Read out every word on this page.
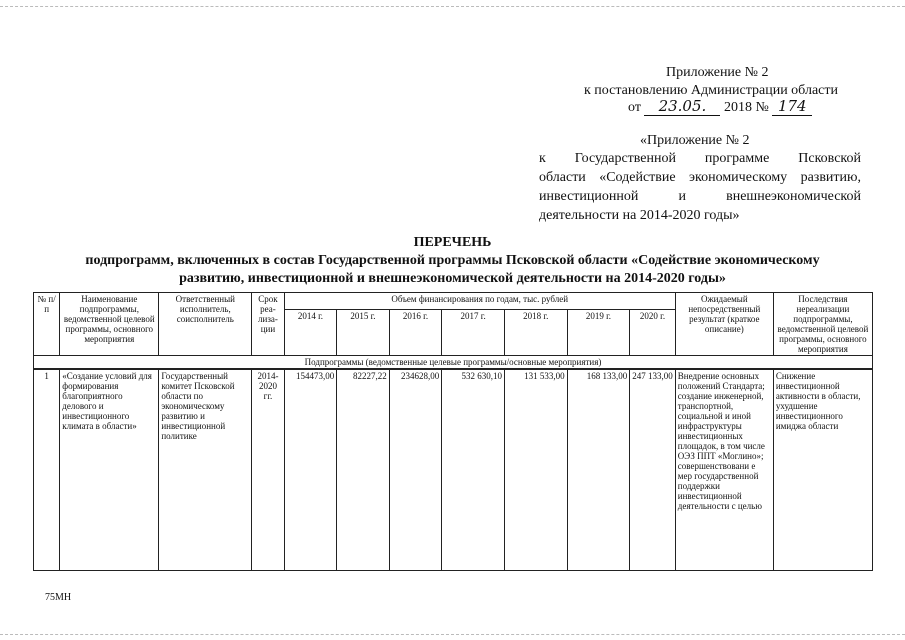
Приложение № 2
к постановлению Администрации области
от 23.05. 2018 № 174
«Приложение № 2
к Государственной программе Псковской
области «Содействие экономическому развитию,
инвестиционной и внешнеэкономической
деятельности на 2014-2020 годы»
ПЕРЕЧЕНЬ
подпрограмм, включенных в состав Государственной программы Псковской области «Содействие экономическому
развитию, инвестиционной и внешнеэкономической деятельности на 2014-2020 годы»
№ п/п	Наименование подпрограммы, ведомственной целевой программы, основного мероприятия	Ответственный исполнитель, соисполнитель	Срок реа-лиза-ции	Объем финансирования по годам, тыс. рублей							Ожидаемый непосредственный результат (краткое описание)	Последствия нереализации подпрограммы, ведомственной целевой программы, основного мероприятия
				2014 г.	2015 г.	2016 г.	2017 г.	2018 г.	2019 г.	2020 г.		
Подпрограммы (ведомственные целевые программы/основные мероприятия)												
1	«Создание условий для формирования благоприятного делового и инвестиционного климата в области»	Государственный комитет Псковской области по экономическому развитию и инвестиционной политике	2014-2020 гг.	154473,00	82227,22	234628,00	532 630,10	131 533,00	168 133,00	247 133,00	Внедрение основных положений Стандарта; создание инженерной, транспортной, социальной и иной инфраструктуры инвестиционных площадок, в том числе ОЭЗ ППТ «Моглино»; совершенствовани е мер государственной поддержки инвестиционной деятельности с целью	Снижение инвестиционной активности в области, ухудшение инвестиционного имиджа области
75МН
